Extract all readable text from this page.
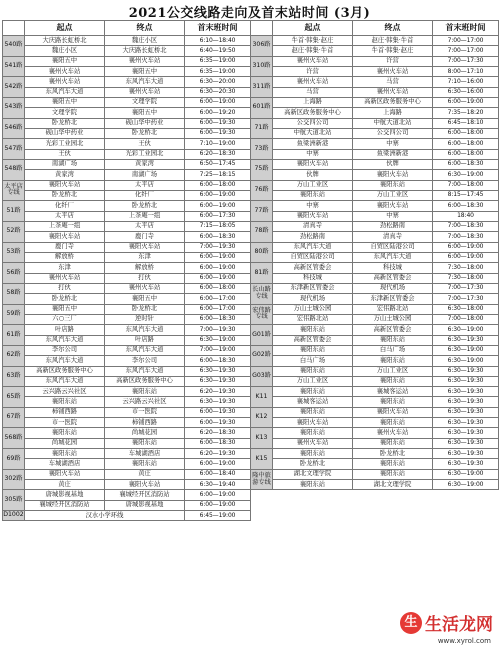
2021公交线路走向及首末站时间 (3月)
	起点	终点	首末班时间
540路	大庆路长虹桥北	魏庄小区	6:10—18:40
	魏庄小区	大庆路长虹桥北	6:40—19:50
541路	襄阳五中	襄州火车站	6:35—19:00
	襄州火车站	襄阳五中	6:35—19:00
542路	襄州火车站	东风汽车大道	6:30—20:00
	东风汽车大道	襄州火车站	6:30—20:30
543路	襄阳五中	文理学院	6:00—19:00
	文理学院	襄阳五中	6:00—19:20
546路	卧龙桥北	砚山华中药业	6:00—19:30
	砚山华中药业	卧龙桥北	6:00—19:30
547路	光彩工业园北	王伙	7:10—19:00
	王伙	光彩工业园北	6:20—18:30
548路	南湖广场	黄家湾	6:50—17:45
	黄家湾	南湖广场	7:25—18:15
太平店专线	襄阳火车站	太平店	6:00—18:00
	卧龙桥北	化纤厂	6:00—19:00
51路	化纤厂	卧龙桥北	6:00—19:00
	太平店	上茶庵一组	6:00—17:30
52路	上茶庵一组	太平店	7:15—18:05
	襄阳火车站	鹿门寺	6:00—18:30
53路	鹿门寺	襄阳火车站	7:00—19:30
	解放桥	东津	6:00—19:00
56路	东津	解放桥	6:00—19:00
	襄州火车站	打伙	6:00—19:00
58路	打伙	襄州火车站	6:00—18:00
	卧龙桥北	襄阳五中	6:00—17:00
59路	襄阳五中	卧龙桥北	6:00—17:00
	六○三厂	逆时针	6:00—18:30
61路	叶店路	东风汽车大道	7:00—19:30
	东风汽车大道	叶店路	6:30—19:00
62路	李尔公司	东风汽车大道	7:00—19:00
	东风汽车大道	李尔公司	6:00—18:30
63路	高新区政务服务中心	东风汽车大道	6:30—19:30
	东风汽车大道	高新区政务服务中心	6:30—19:30
65路	云兴路云兴社区	襄阳东站	6:20—19:30
	襄阳东站	云兴路云兴社区	6:30—19:30
67路	柿铺西路	市一医院	6:00—19:30
	市一医院	柿铺西路	6:00—19:30
568路	襄阳东站	尚城花园	6:20—18:30
	尚城花园	襄阳东站	6:00—18:30
69路	襄阳东站	车城湖酒店	6:20—19:30
	车城湖酒店	襄阳东站	6:00—19:00
302路	襄阳火车站	黄庄	6:00—18:40
	黄庄	襄阳火车站	6:30—19:40
305路	唐城影视基地	襄城经开区消防站	6:00—19:00
	襄城经开区消防站	唐城影视基地	6:00—19:00
D1002	汉水小学环线		6:45—19:00
	起点	终点	首末班时间
306路	牛首·韩集·赵庄	赵庄·韩集·牛首	7:00—17:00
	赵庄·韩集·牛首	牛首·韩集·赵庄	7:00—17:00
310路	襄州火车站	许营	7:00—17:30
	许营	襄州火车站	8:00—17:10
311路	襄州火车站	马营	7:10—16:00
	马营	襄州火车站	6:30—16:00
601路	上海路	高新区政务服务中心	6:00—19:00
	高新区政务服务中心	上海路	7:35—18:20
71路	公交四公司	中航大道北站	6:45—18:10
	中航大道北站	公交四公司	6:00—18:00
73路	鱼梁洲新港	中寨	6:00—18:00
	中寨	鱼梁洲新港	6:00—18:00
75路	襄阳火车站	伙牌	6:00—18:30
	伙牌	襄阳火车站	6:30—19:00
76路	万山工业区	襄阳东站	7:00—18:00
	襄阳东站	万山工业区	8:15—17:45
77路	中寨	襄阳火车站	6:00—18:30
	襄阳火车站	中寨	18:40
78路	清真寺	劲松路南	7:00—18:30
	劲松路南	清真寺	7:00—18:30
80路	东风汽车大道	自贸区陆港公司	6:00—19:00
	自贸区陆港公司	东风汽车大道	6:00—19:00
81路	高新区管委会	科技城	7:30—18:00
	科技城	高新区管委会	7:30—18:00
长山路专线	东津新区管委会	现代机场	7:00—17:30
	现代机场	东津新区管委会	7:00—17:30
宏伟路专线	万山土城公园	宏伟路北站	6:30—18:00
	宏伟路北站	万山土城公园	7:00—18:00
G01路	襄阳东站	高新区管委会	6:30—19:00
	高新区管委会	襄阳东站	6:30—19:30
G02路	襄阳东站	白马广场	6:30—19:00
	白马广场	襄阳东站	6:30—19:00
G03路	襄阳东站	万山工业区	6:30—19:30
	万山工业区	襄阳东站	6:30—19:30
K11	襄阳东站	襄城客运站	6:30—19:30
	襄城客运站	襄阳东站	6:30—19:30
K12	襄阳东站	襄阳火车站	6:30—19:30
	襄阳火车站	襄阳东站	6:30—19:30
K13	襄阳东站	襄州火车站	6:30—19:30
	襄州火车站	襄阳东站	6:30—19:30
K15	襄阳东站	卧龙桥北	6:30—19:30
	卧龙桥北	襄阳东站	6:30—19:30
隆中旅游专线	湖北文理学院	襄阳东站	6:30—19:00
	襄阳东站	湖北文理学院	6:30—19:00
生 生活龙网
www.xyrol.com
